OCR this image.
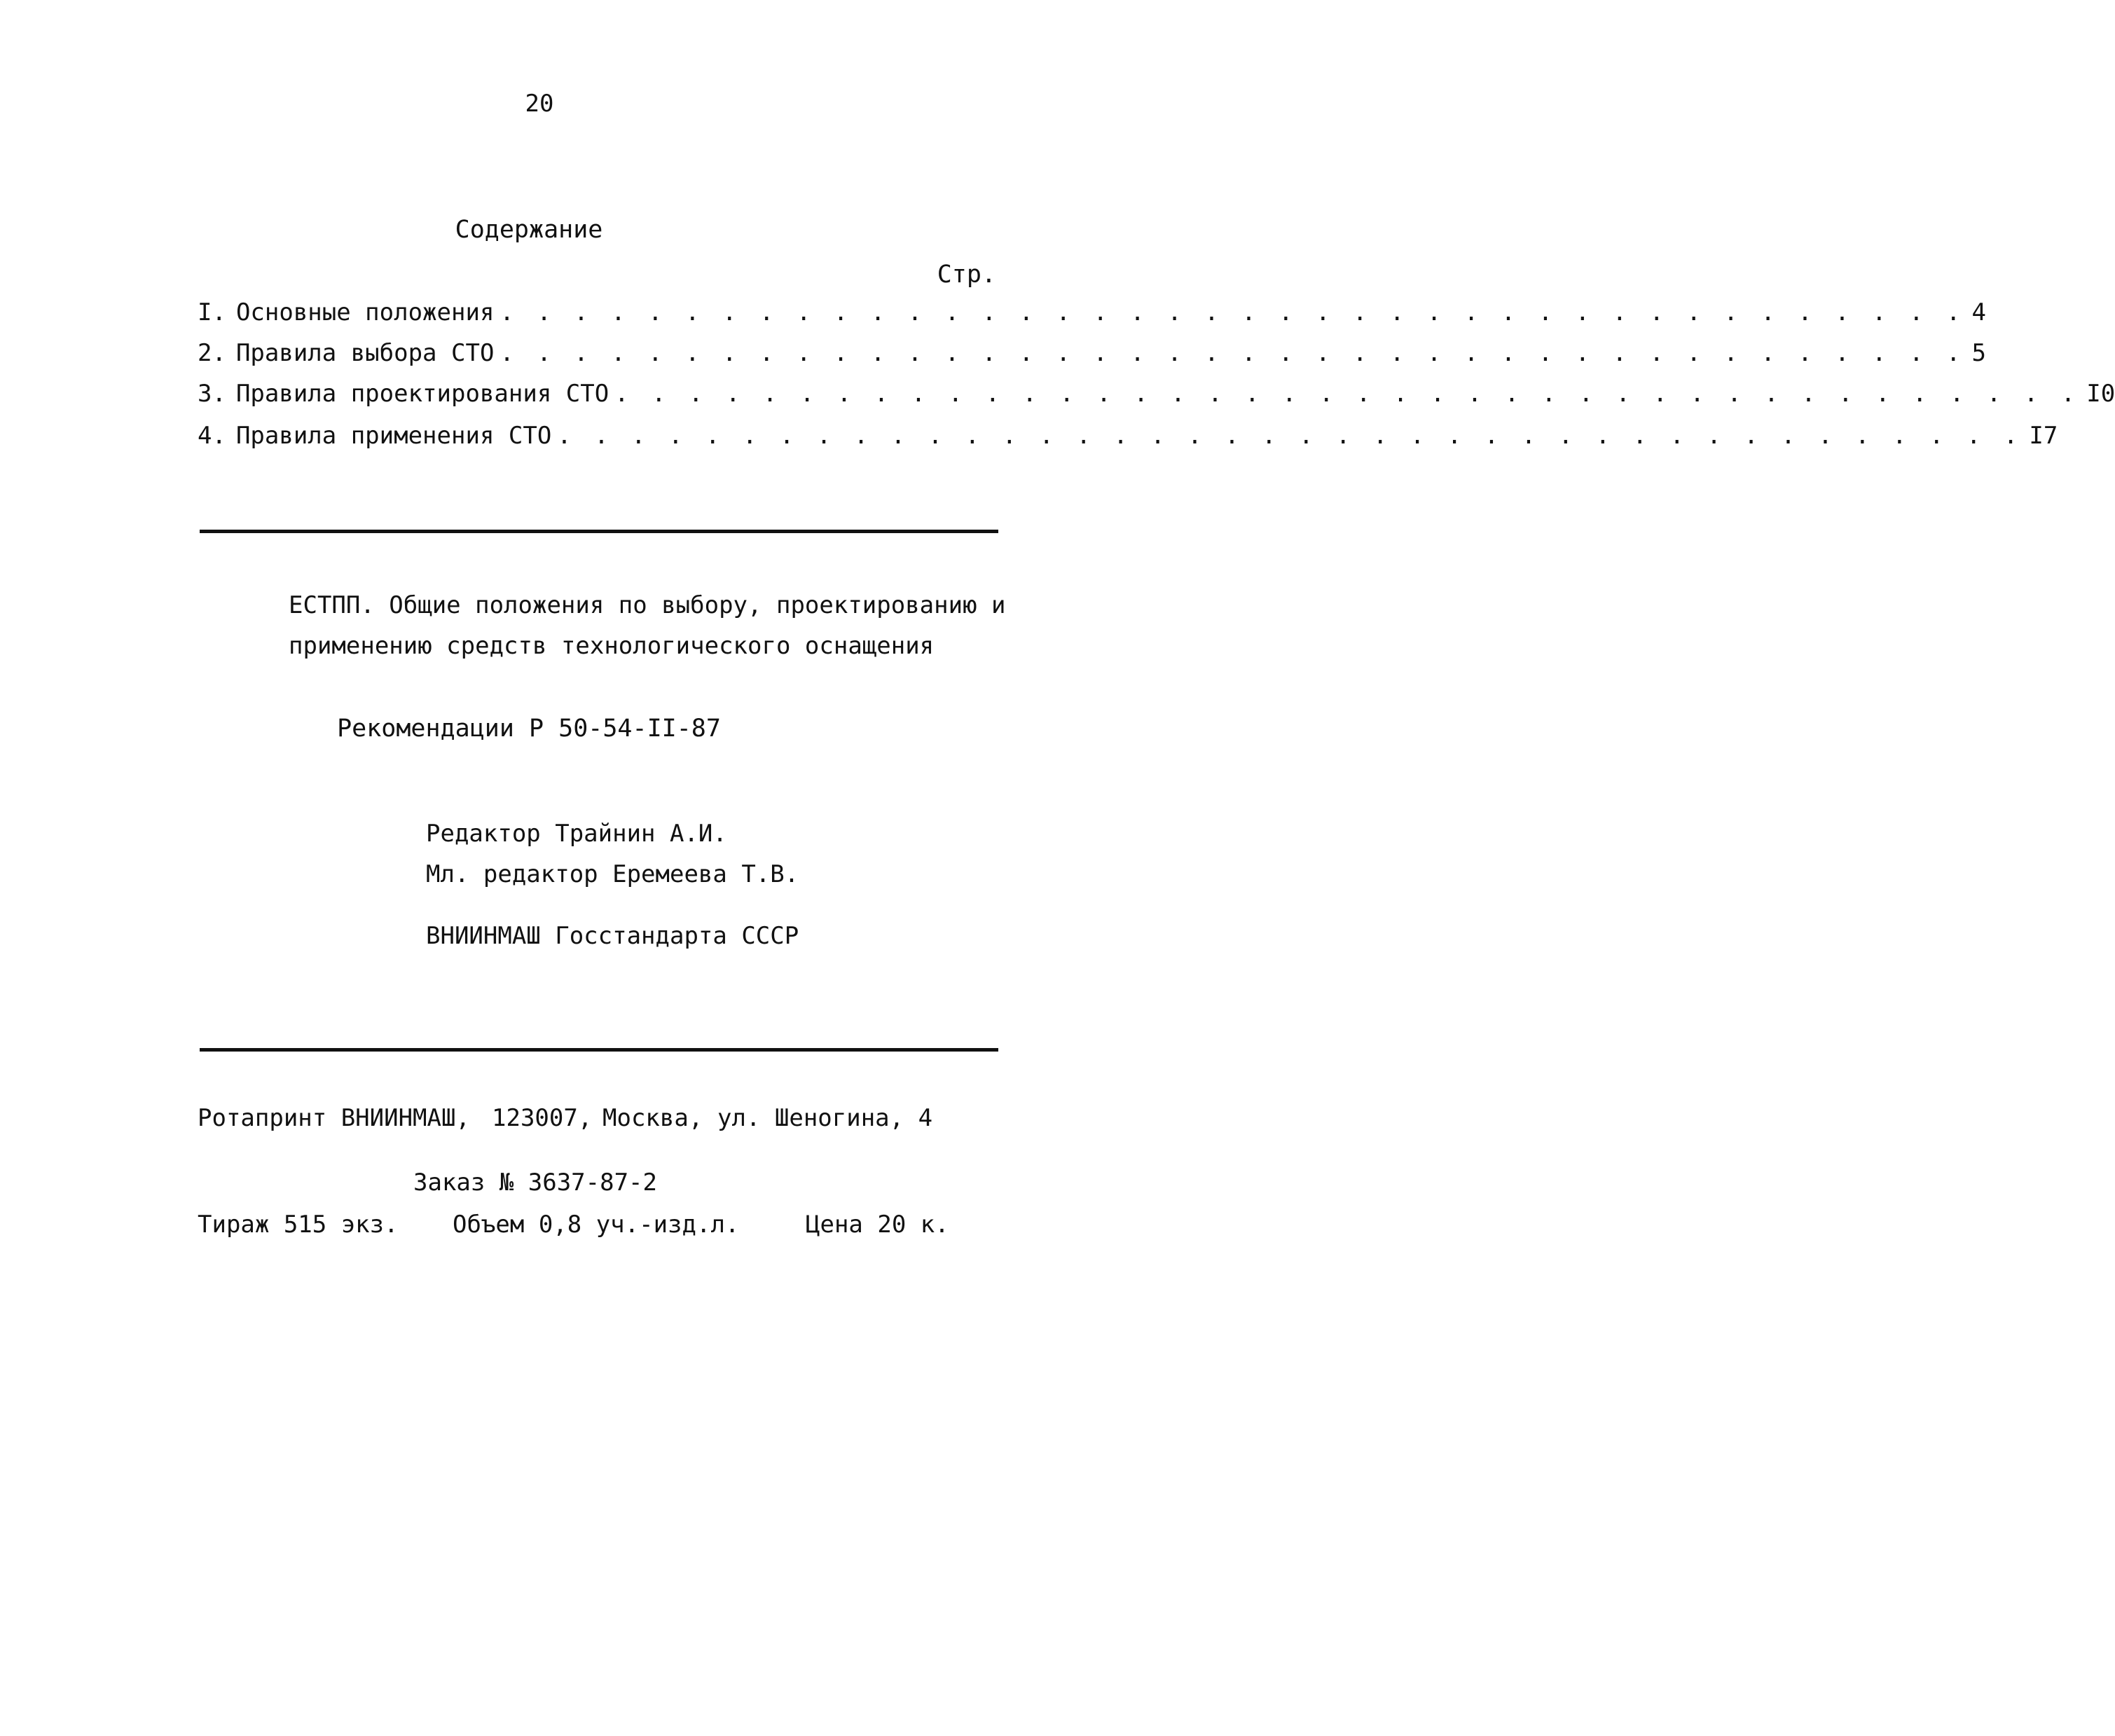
20
Содержание
Стр.
I. Основные положения . . . . . . . . . . . . . . . . . . . . . . . . . . . . . . . . . . . . . . . . 4
2. Правила выбора СТО . . . . . . . . . . . . . . . . . . . . . . . . . . . . . . . . . . . . . . . . 5
3. Правила проектирования СТО . . . . . . . . . . . . . . . . . . . . . . . . . . . . . . . . . . . . . . . . I0
4. Правила применения СТО . . . . . . . . . . . . . . . . . . . . . . . . . . . . . . . . . . . . . . . . I7
ЕСТПП. Общие положения по выбору, проектированию и
применению средств технологического оснащения
Рекомендации Р 50-54-II-87
Редактор Трайнин А.И.
Мл. редактор Еремеева Т.В.
ВНИИНМАШ Госстандарта СССР
Ротапринт ВНИИНМАШ, 123007, Москва, ул. Шеногина, 4
Заказ № 3637-87-2
Тираж 515 экз. Объем 0,8 уч.-изд.л.	Цена 20 к.
